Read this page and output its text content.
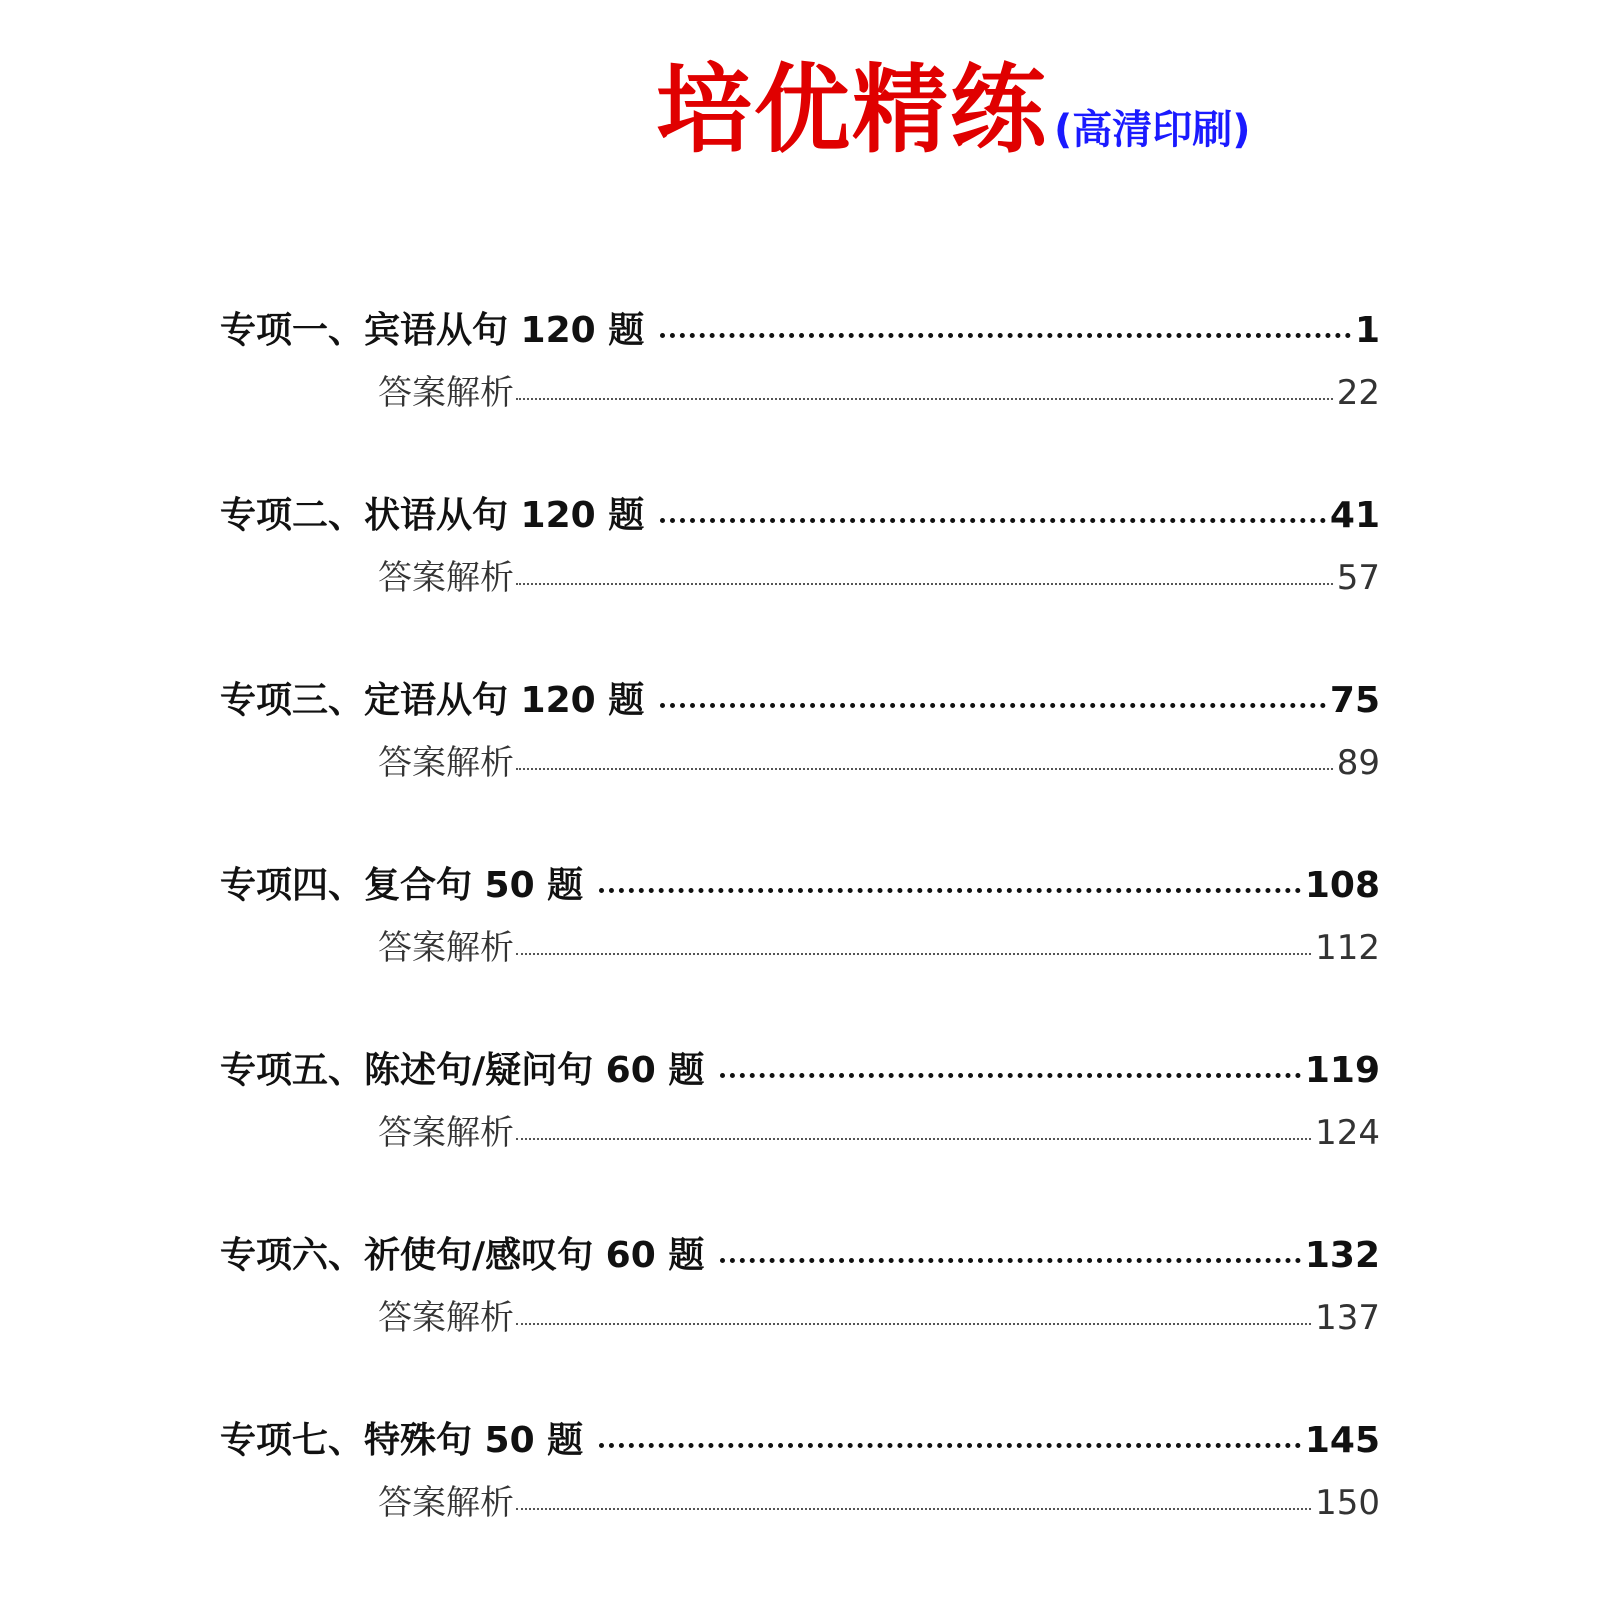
培优精练 (高清印刷)
专项一、宾语从句 120 题	1
答案解析	22
专项二、状语从句 120 题	41
答案解析	57
专项三、定语从句 120 题	75
答案解析	89
专项四、复合句 50 题	108
答案解析	112
专项五、陈述句/疑问句 60 题	119
答案解析	124
专项六、祈使句/感叹句 60 题	132
答案解析	137
专项七、特殊句 50 题	145
答案解析	150
